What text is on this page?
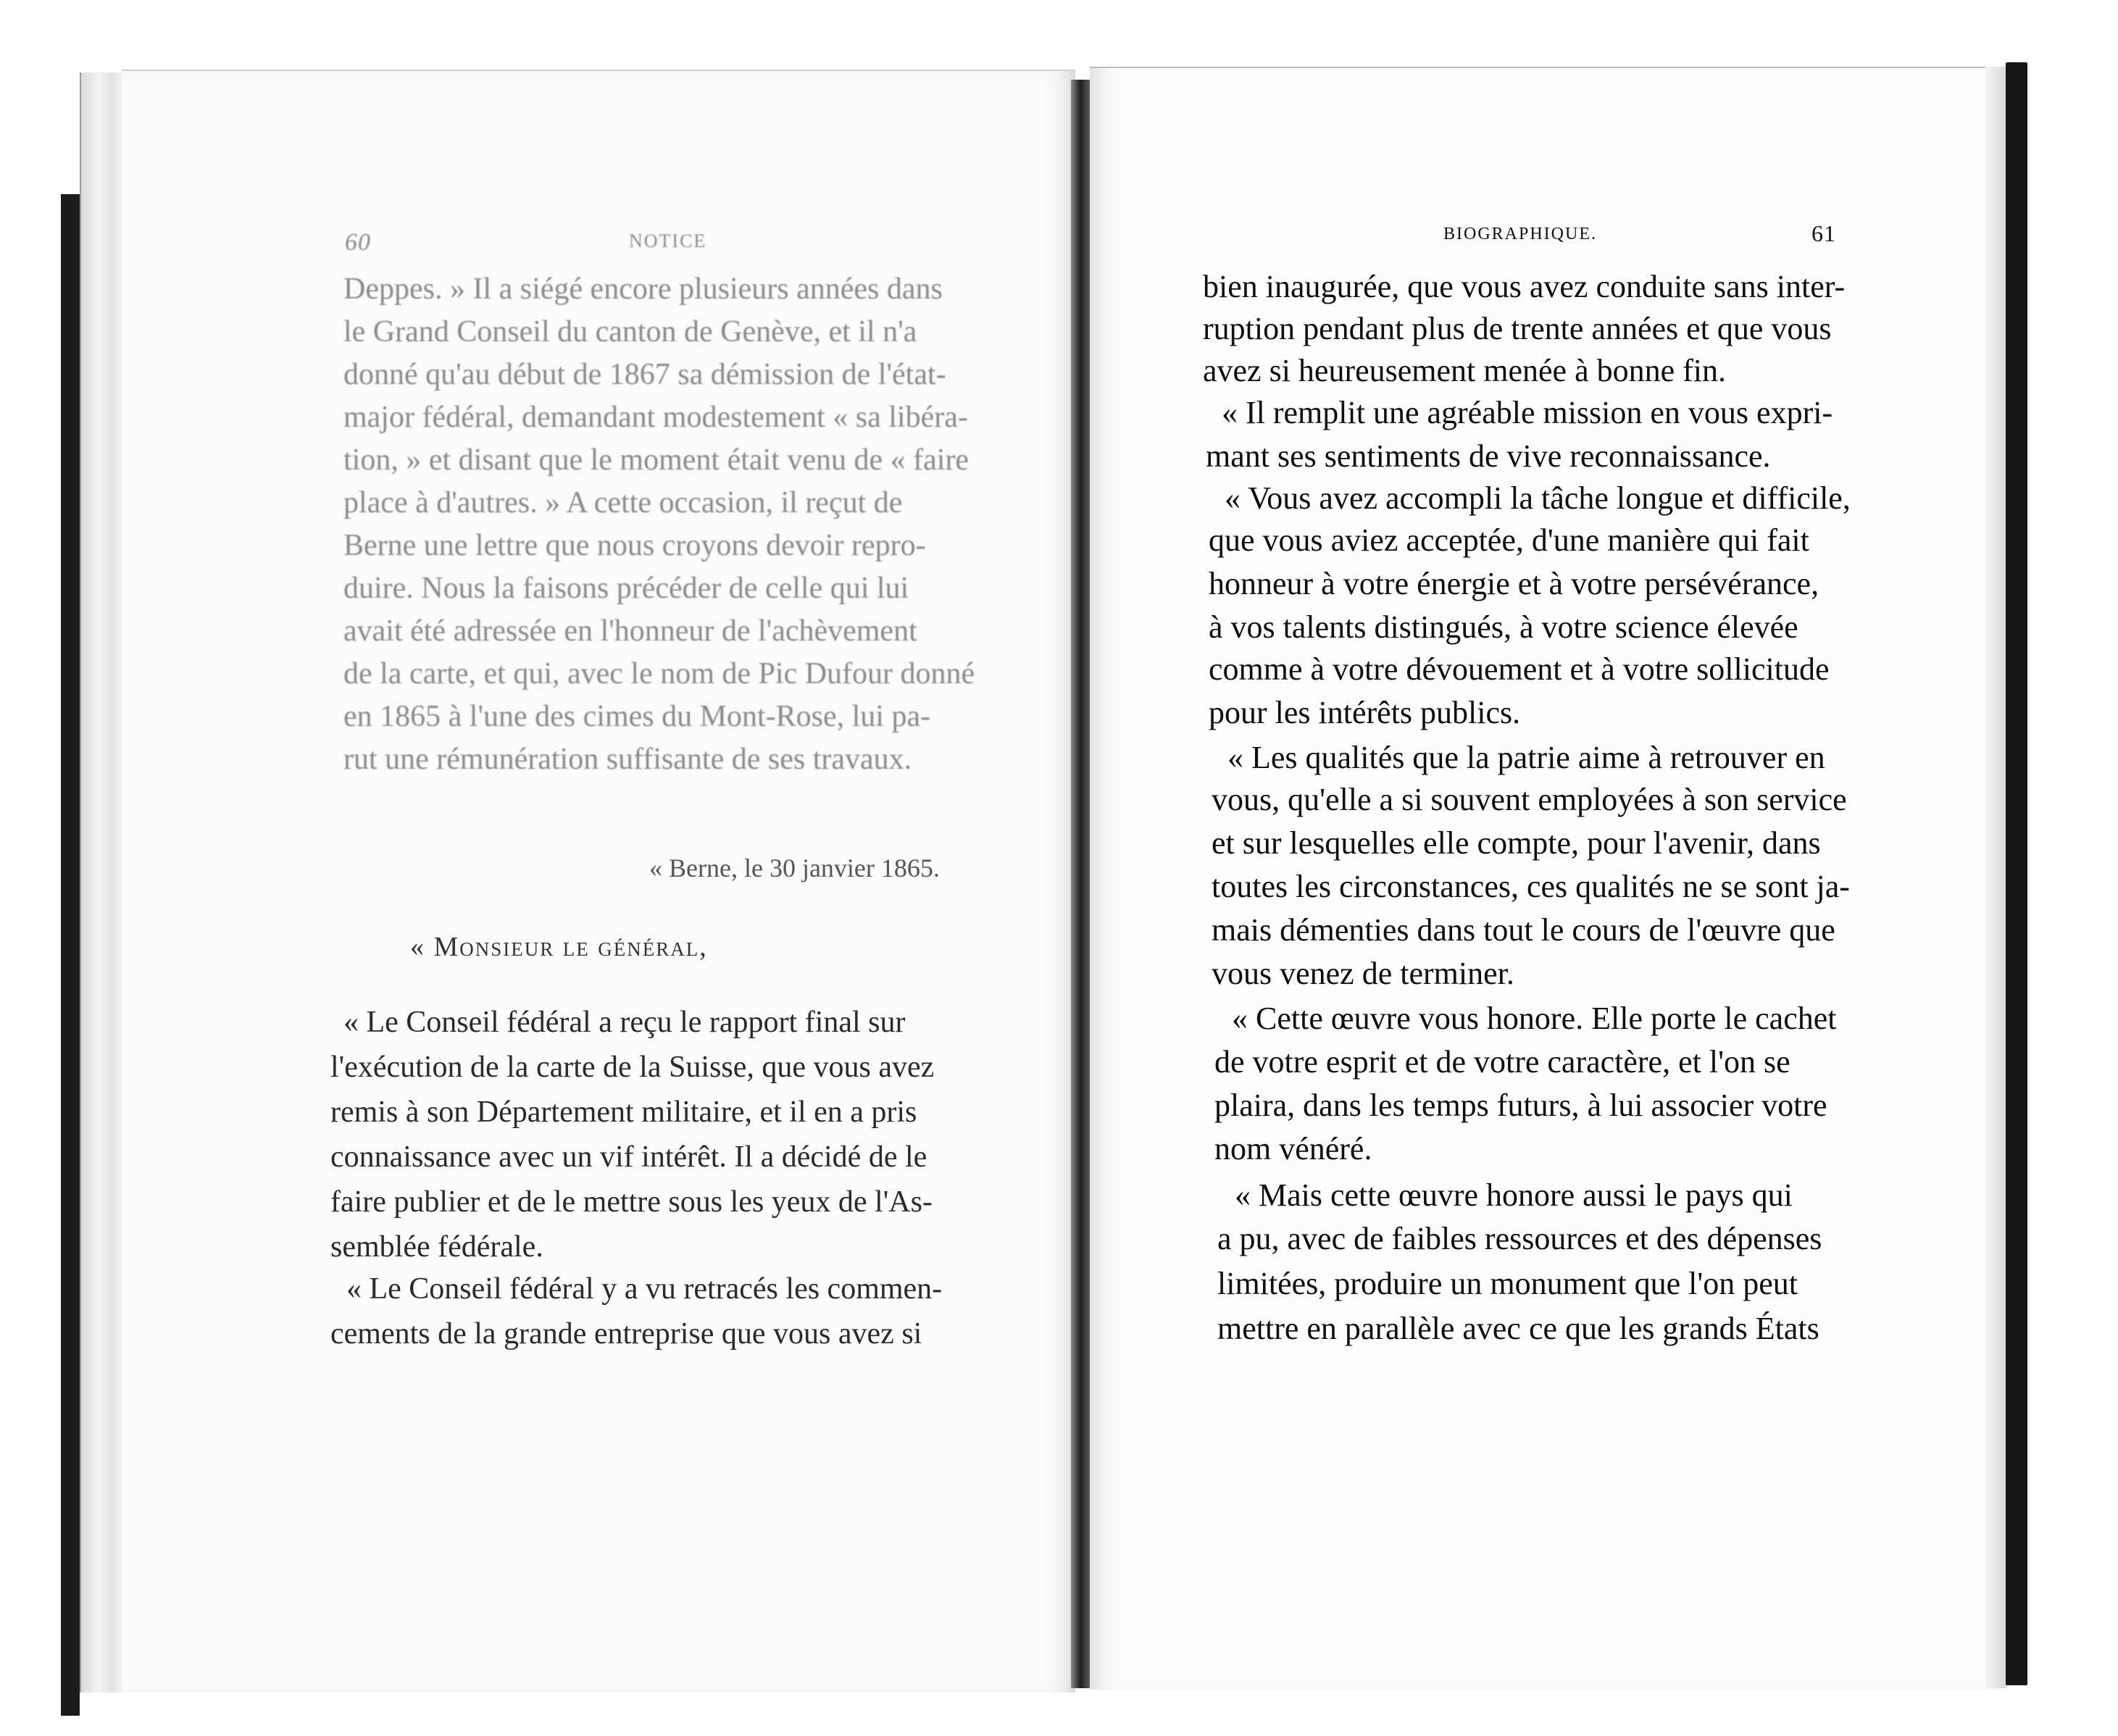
60	NOTICE
Deppes. » Il a siégé encore plusieurs années dans
le Grand Conseil du canton de Genève, et il n'a
donné qu'au début de 1867 sa démission de l'état-
major fédéral, demandant modestement « sa libéra-
tion, » et disant que le moment était venu de « faire
place à d'autres. » A cette occasion, il reçut de
Berne une lettre que nous croyons devoir repro-
duire. Nous la faisons précéder de celle qui lui
avait été adressée en l'honneur de l'achèvement
de la carte, et qui, avec le nom de Pic Dufour donné
en 1865 à l'une des cimes du Mont-Rose, lui pa-
rut une rémunération suffisante de ses travaux.
« Berne, le 30 janvier 1865.
« Monsieur le général,
« Le Conseil fédéral a reçu le rapport final sur
l'exécution de la carte de la Suisse, que vous avez
remis à son Département militaire, et il en a pris
connaissance avec un vif intérêt. Il a décidé de le
faire publier et de le mettre sous les yeux de l'As-
semblée fédérale.
« Le Conseil fédéral y a vu retracés les commen-
cements de la grande entreprise que vous avez si
BIOGRAPHIQUE.	61
bien inaugurée, que vous avez conduite sans inter-
ruption pendant plus de trente années et que vous
avez si heureusement menée à bonne fin.
« Il remplit une agréable mission en vous expri-
mant ses sentiments de vive reconnaissance.
« Vous avez accompli la tâche longue et difficile,
que vous aviez acceptée, d'une manière qui fait
honneur à votre énergie et à votre persévérance,
à vos talents distingués, à votre science élevée
comme à votre dévouement et à votre sollicitude
pour les intérêts publics.
« Les qualités que la patrie aime à retrouver en
vous, qu'elle a si souvent employées à son service
et sur lesquelles elle compte, pour l'avenir, dans
toutes les circonstances, ces qualités ne se sont ja-
mais démenties dans tout le cours de l'œuvre que
vous venez de terminer.
« Cette œuvre vous honore. Elle porte le cachet
de votre esprit et de votre caractère, et l'on se
plaira, dans les temps futurs, à lui associer votre
nom vénéré.
« Mais cette œuvre honore aussi le pays qui
a pu, avec de faibles ressources et des dépenses
limitées, produire un monument que l'on peut
mettre en parallèle avec ce que les grands États
